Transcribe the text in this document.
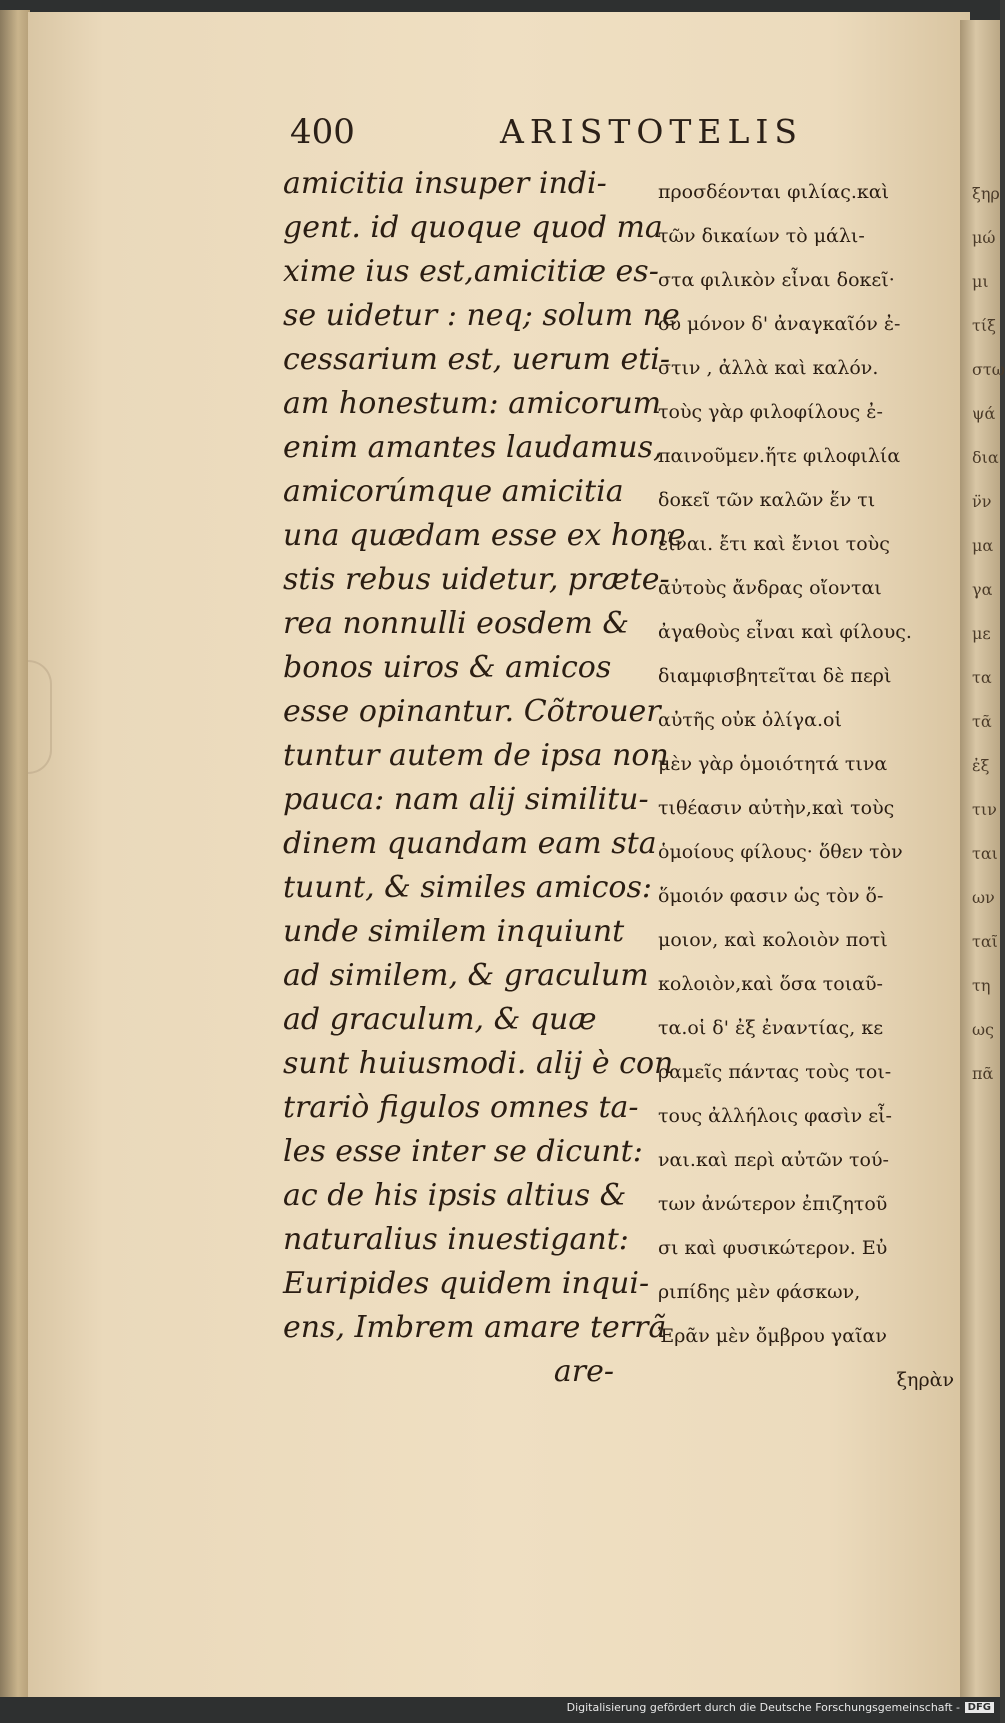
400	ARISTOTELIS
amicitia insuper indi-
gent. id quoque quod ma
xime ius est,amicitiæ es-
se uidetur : neq; solum ne
cessarium est, uerum eti-
am honestum: amicorum
enim amantes laudamus,
amicorúmque amicitia
una quædam esse ex hone
stis rebus uidetur, præte-
rea nonnulli eosdem &
bonos uiros & amicos
esse opinantur. Cõtrouer
tuntur autem de ipsa non
pauca: nam alij similitu-
dinem quandam eam sta
tuunt, & similes amicos:
unde similem inquiunt
ad similem, & graculum
ad graculum, & quæ
sunt huiusmodi. alij è con
trariò figulos omnes ta-
les esse inter se dicunt:
ac de his ipsis altius &
naturalius inuestigant:
Euripides quidem inqui-
ens, Imbrem amare terrã
are-
προσδέονται φιλίας.καὶ
τῶν δικαίων τὸ μάλι-
στα φιλικὸν εἶναι δοκεῖ·
οὐ μόνον δ' ἀναγκαῖόν ἐ-
στιν , ἀλλὰ καὶ καλόν.
τοὺς γὰρ φιλοφίλους ἐ-
παινοῦμεν.ἥτε φιλοφιλία
δοκεῖ τῶν καλῶν ἕν τι
εἶναι. ἔτι καὶ ἔνιοι τοὺς
αὐτοὺς ἄνδρας οἴονται
ἀγαθοὺς εἶναι καὶ φίλους.
διαμφισβητεῖται δὲ περὶ
αὐτῆς οὐκ ὀλίγα.οἱ
μὲν γὰρ ὁμοιότητά τινα
τιθέασιν αὐτὴν,καὶ τοὺς
ὁμοίους φίλους· ὅθεν τὸν
ὅμοιόν φασιν ὡς τὸν ὅ-
μοιον, καὶ κολοιὸν ποτὶ
κολοιὸν,καὶ ὅσα τοιαῦ-
τα.οἱ δ' ἐξ ἐναντίας, κε
ραμεῖς πάντας τοὺς τοι-
τους ἀλλήλοις φασὶν εἶ-
ναι.καὶ περὶ αὐτῶν τού-
των ἀνώτερον ἐπιζητοῦ
σι καὶ φυσικώτερον. Εὐ
ριπίδης μὲν φάσκων,
Ἐρᾶν μὲν ὄμβρου γαῖαν
ξηρὰν
ξηρ
μώ
μι
τίξ
στω
ψά
δια
ν̈ν
μα
γα
με
τα
τᾶ
ἐξ
τιν
ται
ων
ταῖ
τη
ως
πᾶ
Digitalisierung gefördert durch die Deutsche Forschungsgemeinschaft - DFG
